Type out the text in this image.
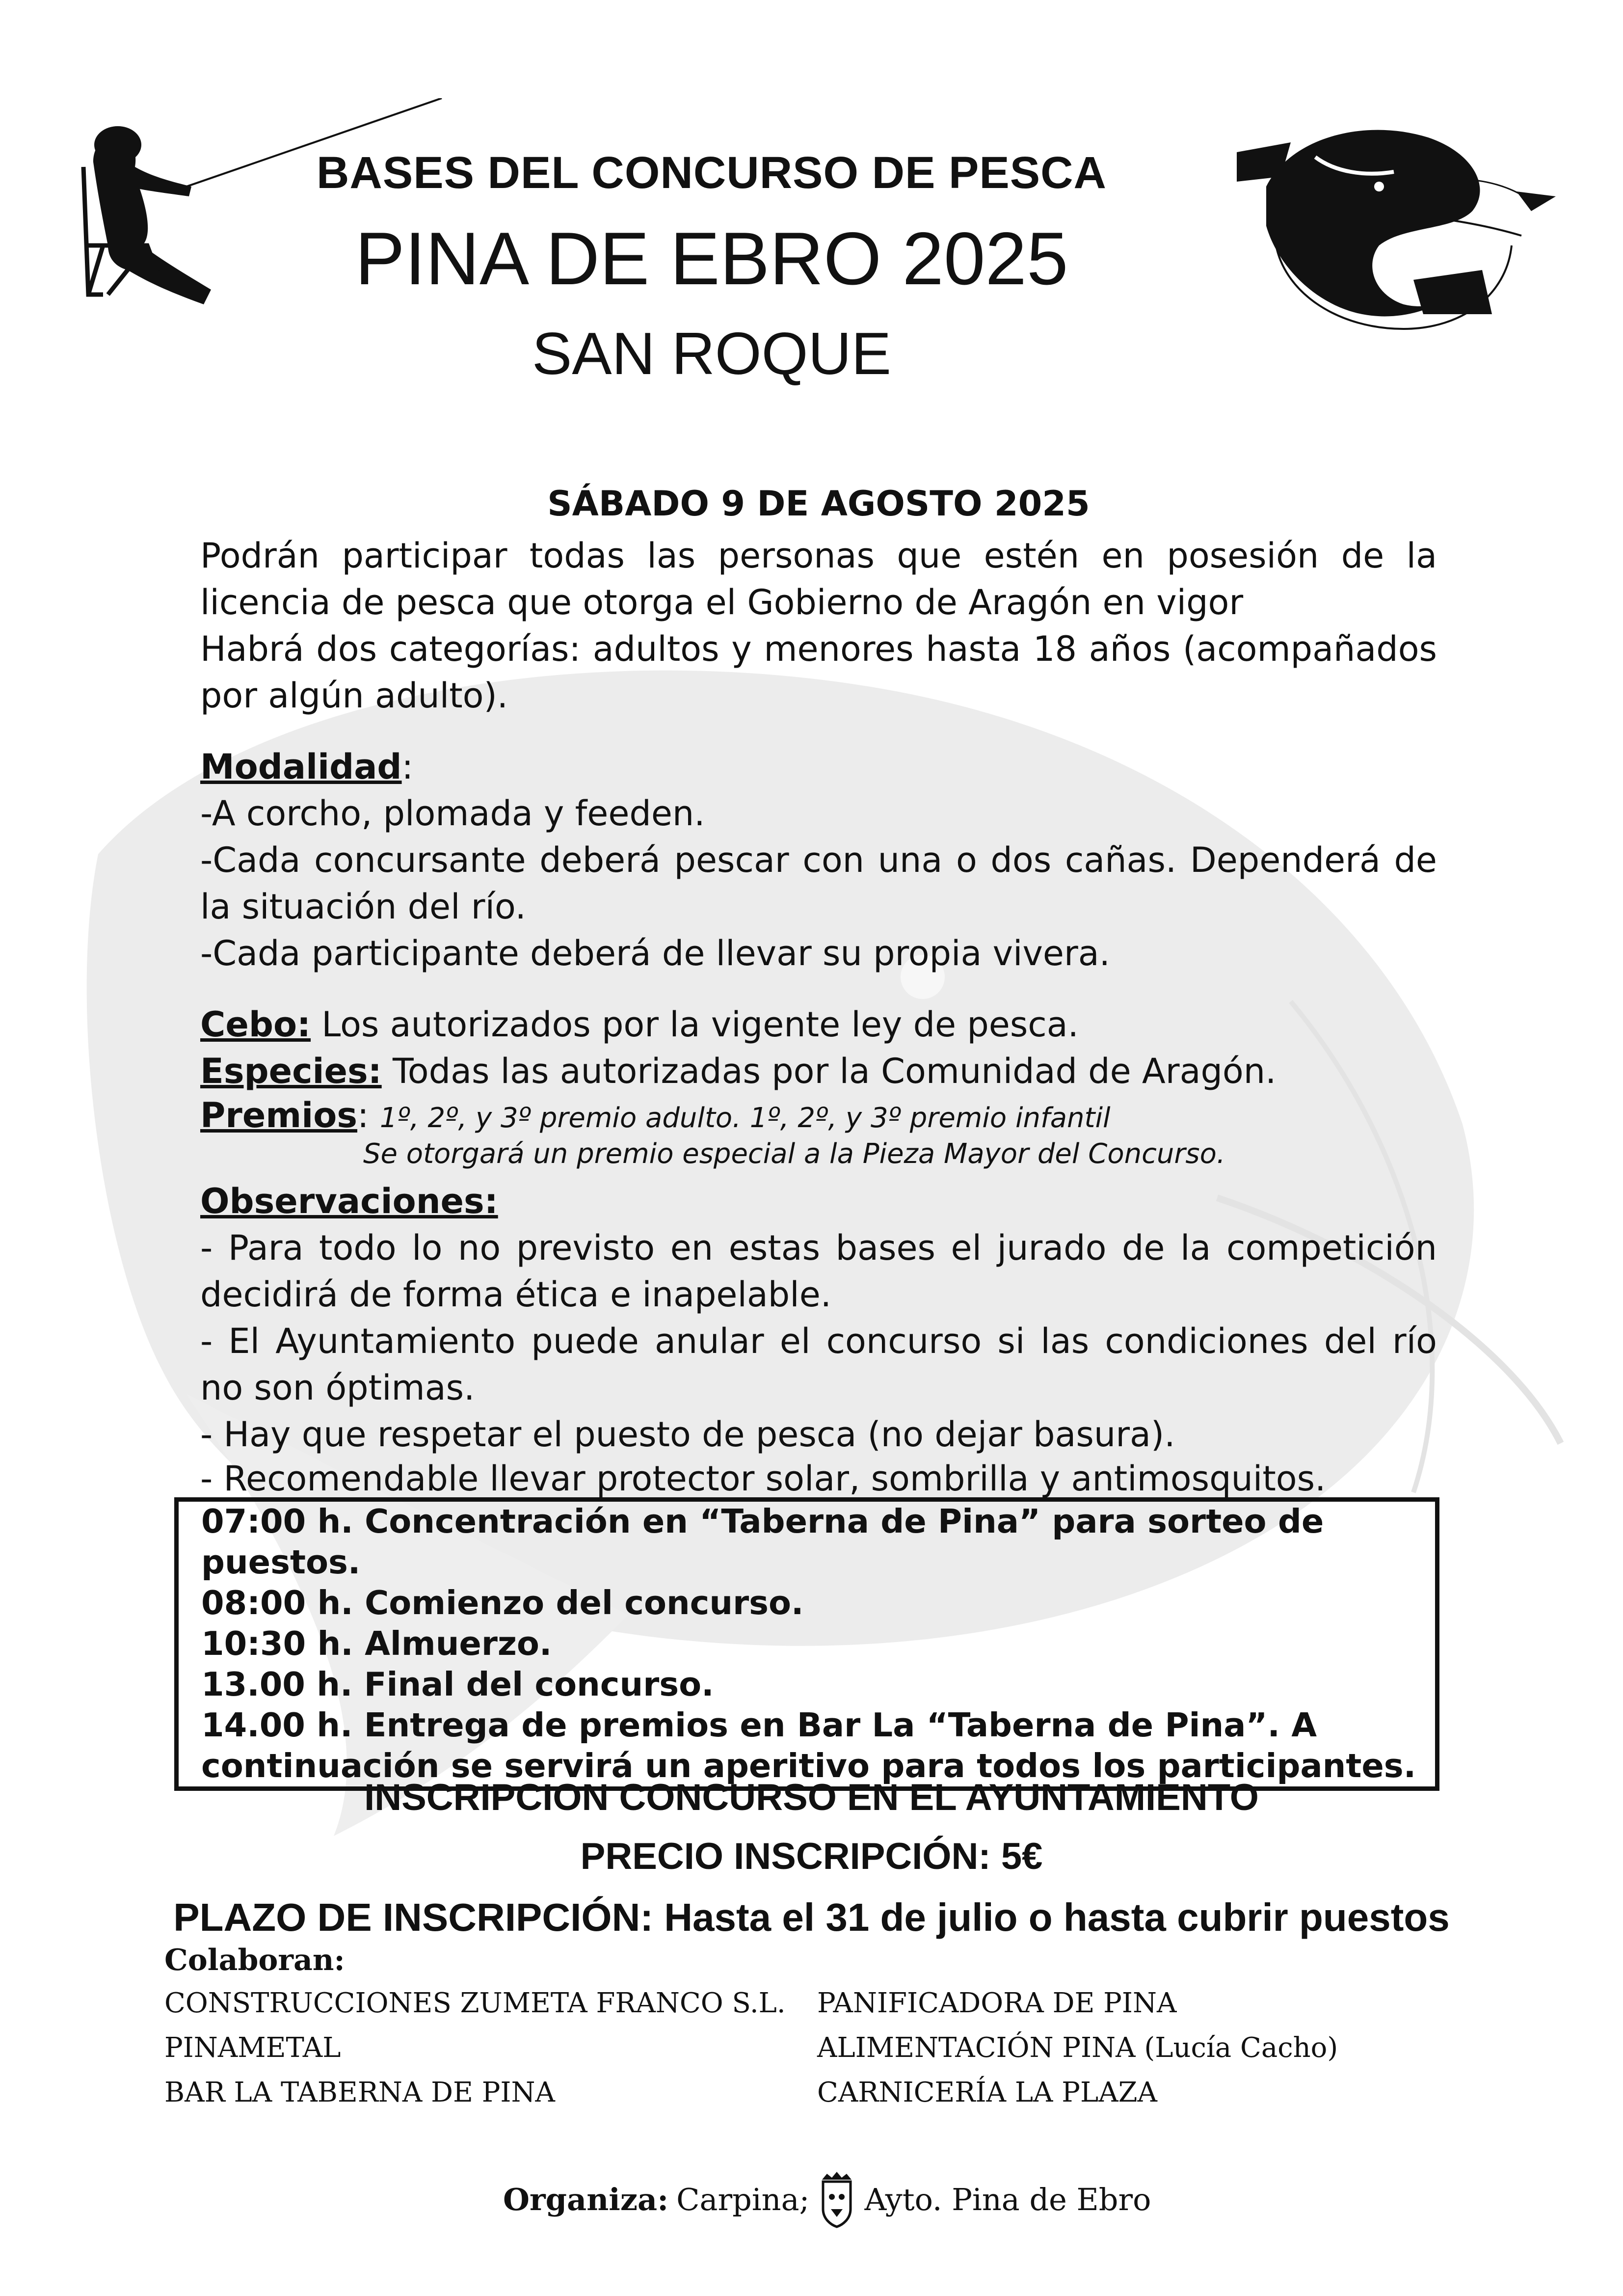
BASES DEL CONCURSO DE PESCA
PINA DE EBRO 2025
SAN ROQUE
SÁBADO 9 DE AGOSTO 2025
Podrán participar todas las personas que estén en posesión de la licencia de pesca que otorga el Gobierno de Aragón en vigor
Habrá dos categorías: adultos y menores hasta 18 años (acompañados por algún adulto).
Modalidad:
-A corcho, plomada y feeden.
-Cada concursante deberá pescar con una o dos cañas. Dependerá de la situación del río.
-Cada participante deberá de llevar su propia vivera.
Cebo: Los autorizados por la vigente ley de pesca.
Especies: Todas las autorizadas por la Comunidad de Aragón.
Premios: 1º, 2º, y 3º premio adulto. 1º, 2º, y 3º premio infantil
Se otorgará un premio especial a la Pieza Mayor del Concurso.
Observaciones:
- Para todo lo no previsto en estas bases el jurado de la competición decidirá de forma ética e inapelable.
- El Ayuntamiento puede anular el concurso si las condiciones del río no son óptimas.
- Hay que respetar el puesto de pesca (no dejar basura).
- Recomendable llevar protector solar, sombrilla y antimosquitos.
07:00 h. Concentración en “Taberna de Pina” para sorteo de puestos.
08:00 h. Comienzo del concurso.
10:30 h. Almuerzo.
13.00 h. Final del concurso.
14.00 h. Entrega de premios en Bar La “Taberna de Pina”. A continuación se servirá un aperitivo para todos los participantes.
INSCRIPCION CONCURSO EN EL AYUNTAMIENTO
PRECIO INSCRIPCIÓN: 5€
PLAZO DE INSCRIPCIÓN: Hasta el 31 de julio o hasta cubrir puestos
Colaboran:
CONSTRUCCIONES ZUMETA FRANCO S.L.
PINAMETAL
BAR LA TABERNA DE PINA
PANIFICADORA DE PINA
ALIMENTACIÓN PINA (Lucía Cacho)
CARNICERÍA LA PLAZA
Organiza: Carpina; Ayto. Pina de Ebro
